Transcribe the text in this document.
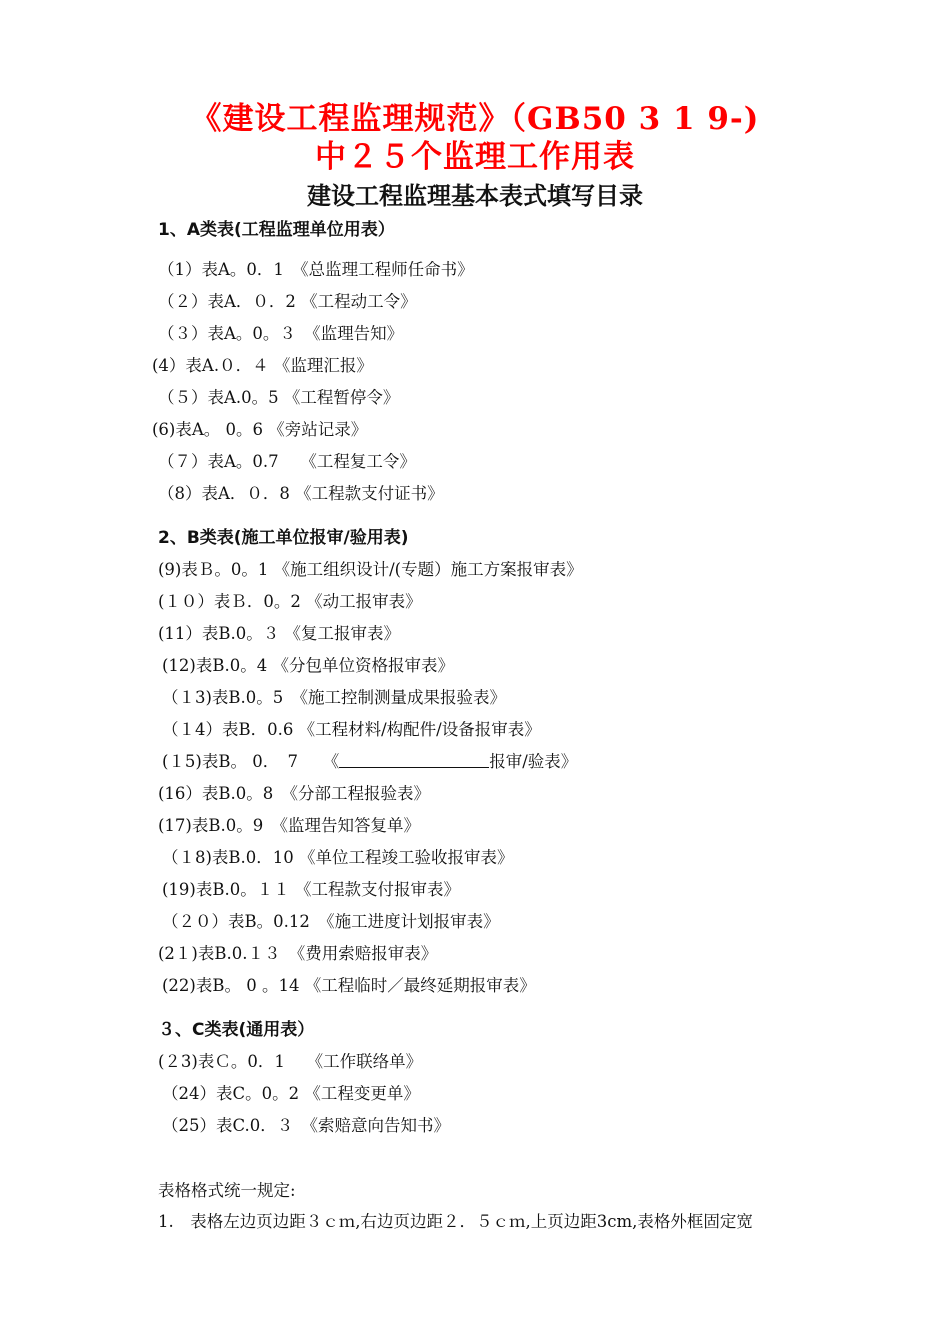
《建设工程监理规范》（GB50 3 1 9-)
中２５个监理工作用表
建设工程监理基本表式填写目录
1、A类表(工程监理单位用表）
（1）表A。0．1　《总监理工程师任命书》
（２）表A．０．2 《工程动工令》
（３）表A。0。３　《监理告知》
(4）表A.０．４ 《监理汇报》
（５）表A.0。5 《工程暂停令》
(6)表A。 0。6 《旁站记录》
（７）表A。0.7　 《工程复工令》
（8）表A．０．8 《工程款支付证书》
2、B类表(施工单位报审/验用表)
(9)表Ｂ。0。1 《施工组织设计/(专题）施工方案报审表》
(１０）表Ｂ．0。2 《动工报审表》
(11）表B.0。３ 《复工报审表》
(12)表B.0。4 《分包单位资格报审表》
（１3)表B.0。5　《施工控制测量成果报验表》
（１4）表B．0.6 《工程材料/构配件/设备报审表》
(１5)表B。 0．　7　　《	报审/验表》
(16）表B.0。8　《分部工程报验表》
(17)表B.0。9　《监理告知答复单》
（１8)表B.0．10 《单位工程竣工验收报审表》
(19)表B.0。１１ 《工程款支付报审表》
（２０）表B。0.12　《施工进度计划报审表》
(2１)表B.0.１３　《费用索赔报审表》
(22)表B。 0 。14 《工程临时／最终延期报审表》
３、C类表(通用表）
(２3)表Ｃ。0．1　 《工作联络单》
（24）表C。0。2 《工程变更单》
（25）表C.0．３　《索赔意向告知书》
表格格式统一规定:
1.　表格左边页边距３ｃｍ,右边页边距２．５ｃｍ,上页边距3cm,表格外框固定宽
